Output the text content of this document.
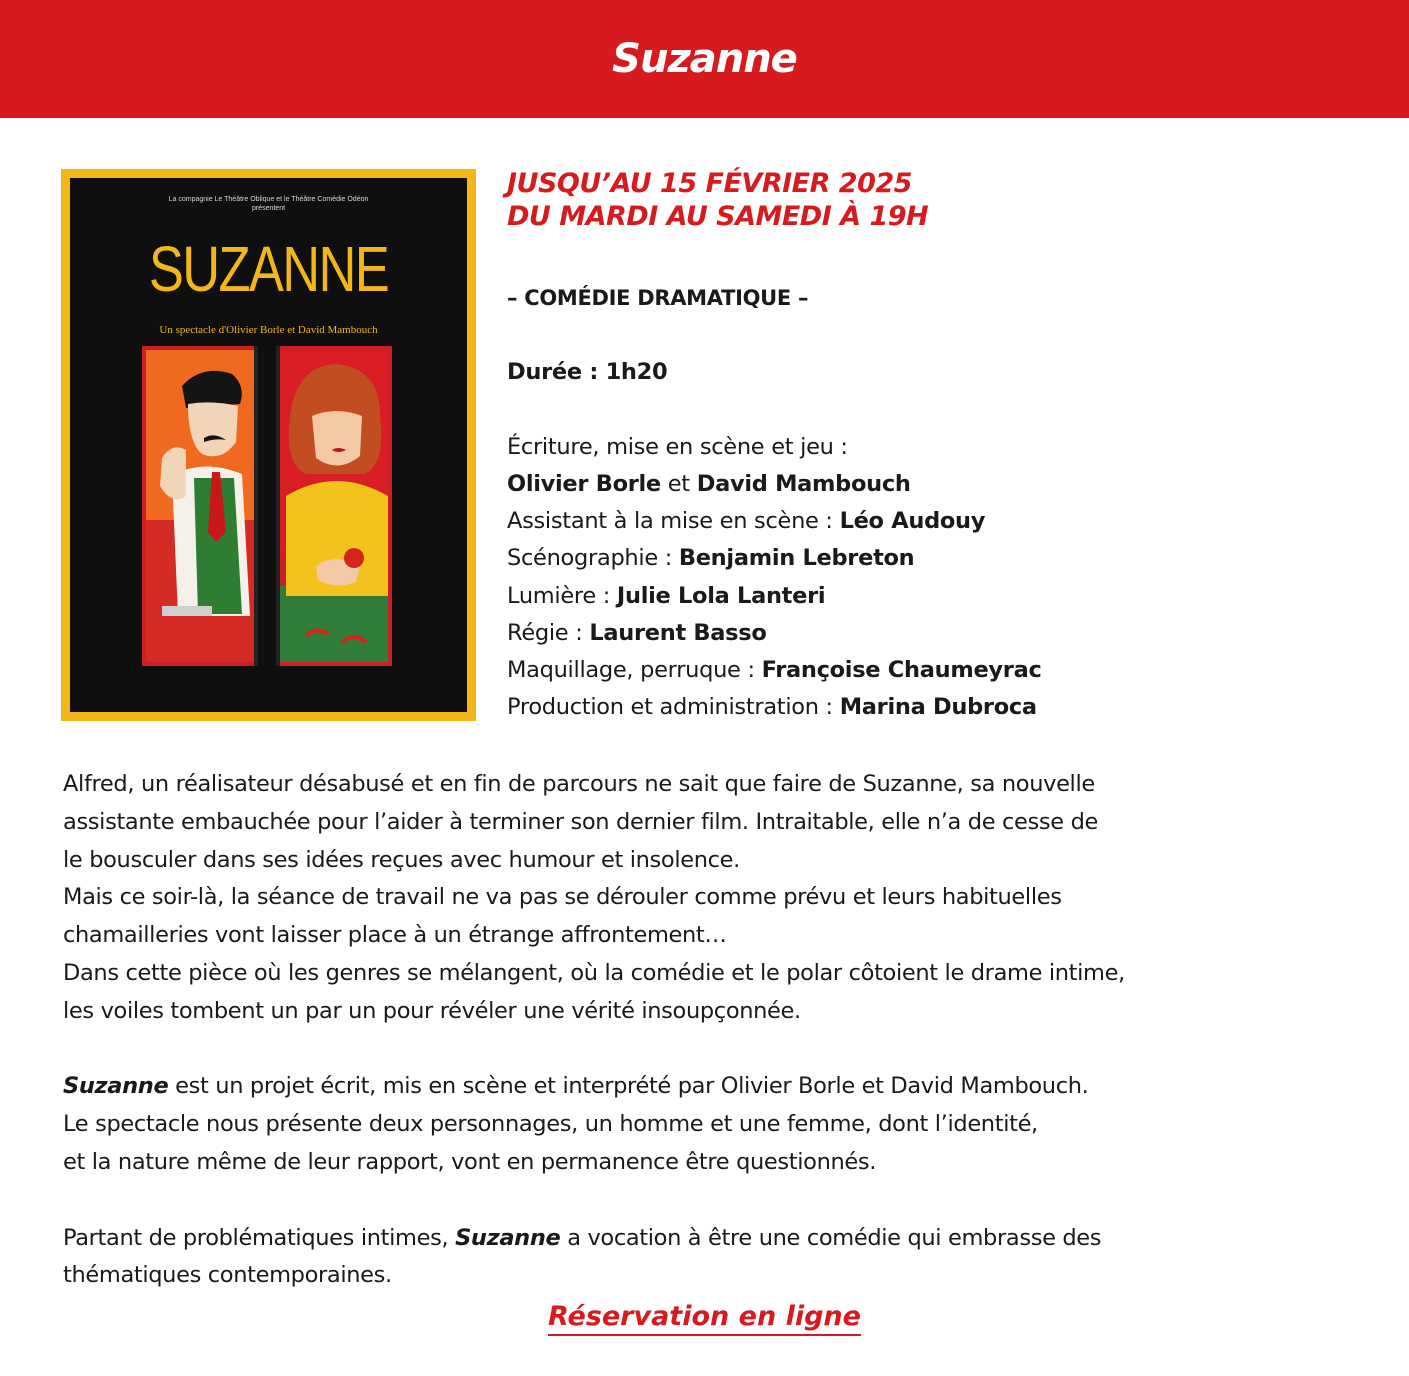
Suzanne
La compagnie Le Théâtre Oblique et le Théâtre Comédie Odéon
présentent
SUZANNE
Un spectacle d'Olivier Borle et David Mambouch
JUSQU’AU 15 FÉVRIER 2025
DU MARDI AU SAMEDI À 19H
– COMÉDIE DRAMATIQUE –
Durée : 1h20
Écriture, mise en scène et jeu :
Olivier Borle et David Mambouch
Assistant à la mise en scène : Léo Audouy
Scénographie : Benjamin Lebreton
Lumière : Julie Lola Lanteri
Régie : Laurent Basso
Maquillage, perruque : Françoise Chaumeyrac
Production et administration : Marina Dubroca
Alfred, un réalisateur désabusé et en fin de parcours ne sait que faire de Suzanne, sa nouvelle
assistante embauchée pour l’aider à terminer son dernier film. Intraitable, elle n’a de cesse de
le bousculer dans ses idées reçues avec humour et insolence.
Mais ce soir-là, la séance de travail ne va pas se dérouler comme prévu et leurs habituelles
chamailleries vont laisser place à un étrange affrontement…
Dans cette pièce où les genres se mélangent, où la comédie et le polar côtoient le drame intime,
les voiles tombent un par un pour révéler une vérité insoupçonnée.
Suzanne est un projet écrit, mis en scène et interprété par Olivier Borle et David Mambouch.
Le spectacle nous présente deux personnages, un homme et une femme, dont l’identité,
et la nature même de leur rapport, vont en permanence être questionnés.
Partant de problématiques intimes, Suzanne a vocation à être une comédie qui embrasse des
thématiques contemporaines.
Réservation en ligne
